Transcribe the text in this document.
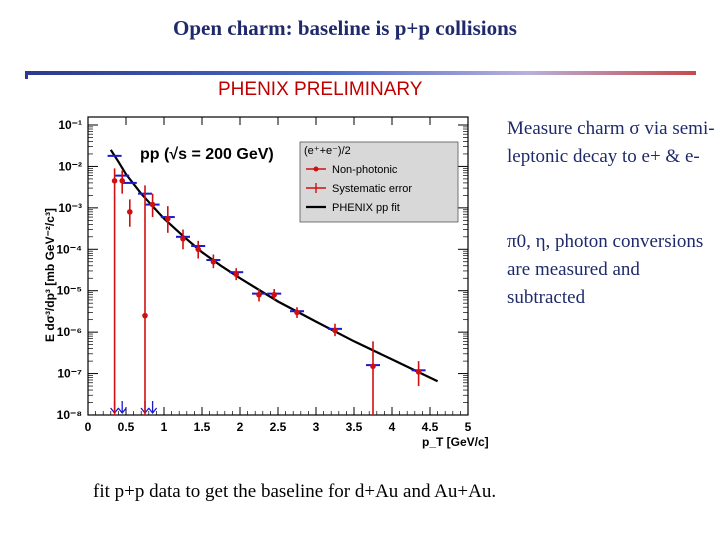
Open charm: baseline is p+p collisions
PHENIX PRELIMINARY
pp (√s = 200 GeV)	(e⁺+e⁻)/2
Non-photonic
Systematic error
PHENIX pp fit
0 0.5 1 1.5 2 2.5 3 3.5 4 4.5 5
10⁻⁸
10⁻⁷
10⁻⁶
10⁻⁵
10⁻⁴
10⁻³
10⁻²
10⁻¹
p_T [GeV/c]
E dσ³/dp³ [mb GeV⁻²/c³]
Measure charm σ via semi-leptonic decay to e+ & e-
π0, η, photon conversions are measured and subtracted
fit p+p data to get the baseline for d+Au and Au+Au.
